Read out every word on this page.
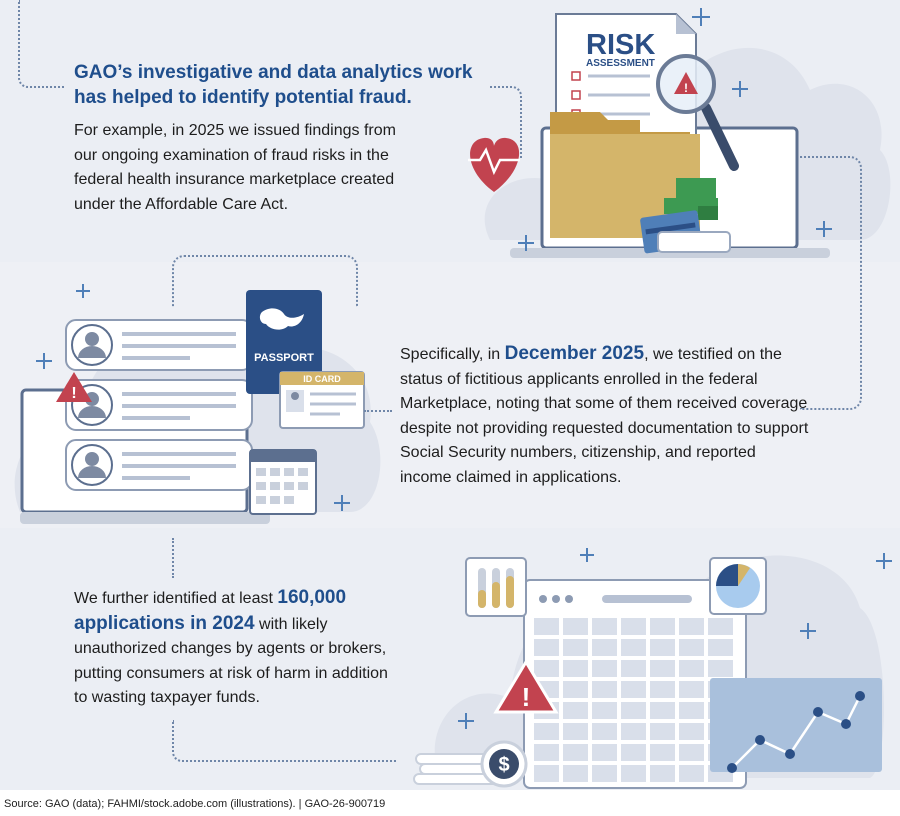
GAO’s investigative and data analytics work has helped to identify potential fraud.
For example, in 2025 we issued findings from our ongoing examination of fraud risks in the federal health insurance marketplace created under the Affordable Care Act.
RISK
ASSESSMENT
!
!
PASSPORT
ID CARD
Specifically, in December 2025, we testified on the status of fictitious applicants enrolled in the federal Marketplace, noting that some of them received coverage despite not providing requested documentation to support Social Security numbers, citizenship, and reported income claimed in applications.
We further identified at least 160,000 applications in 2024 with likely unauthorized changes by agents or brokers, putting consumers at risk of harm in addition to wasting taxpayer funds.	!
$
Source: GAO (data); FAHMI/stock.adobe.com (illustrations). | GAO-26-900719
